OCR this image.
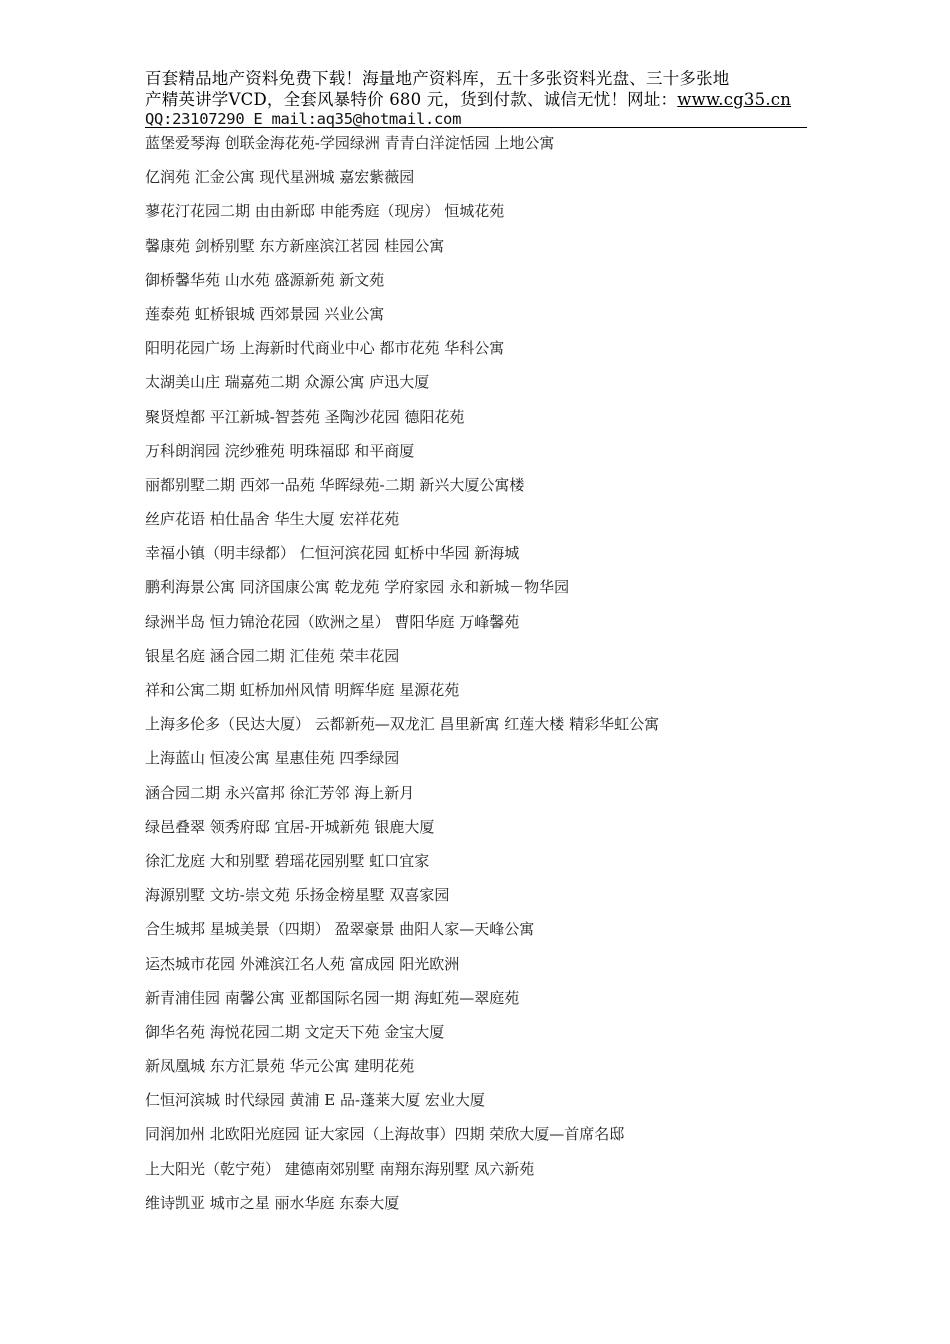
百套精品地产资料免费下载！海量地产资料库，五十多张资料光盘、三十多张地
产精英讲学VCD，全套风暴特价 680 元，货到付款、诚信无忧！网址：www.cg35.cn
QQ:23107290 E_mail:aq35@hotmail.com
蓝堡爱琴海 创联金海花苑-学园绿洲 青青白洋淀恬园 上地公寓
亿润苑 汇金公寓 现代星洲城 嘉宏紫薇园
蓼花汀花园二期 由由新邸 申能秀庭（现房） 恒城花苑
馨康苑 剑桥别墅 东方新座滨江茗园 桂园公寓
御桥馨华苑 山水苑 盛源新苑 新文苑
莲泰苑 虹桥银城 西郊景园 兴业公寓
阳明花园广场 上海新时代商业中心 都市花苑 华科公寓
太湖美山庄 瑞嘉苑二期 众源公寓 庐迅大厦
聚贤煌都 平江新城-智荟苑 圣陶沙花园 德阳花苑
万科朗润园 浣纱雅苑 明珠福邸 和平商厦
丽都别墅二期 西郊一品苑 华晖绿苑-二期 新兴大厦公寓楼
丝庐花语 柏仕晶舍 华生大厦 宏祥花苑
幸福小镇（明丰绿都） 仁恒河滨花园 虹桥中华园 新海城
鹏利海景公寓 同济国康公寓 乾龙苑 学府家园 永和新城－物华园
绿洲半岛 恒力锦沧花园（欧洲之星） 曹阳华庭 万峰馨苑
银星名庭 涵合园二期 汇佳苑 荣丰花园
祥和公寓二期 虹桥加州风情 明辉华庭 星源花苑
上海多伦多（民达大厦） 云都新苑—双龙汇 昌里新寓 红莲大楼 精彩华虹公寓
上海蓝山 恒凌公寓 星惠佳苑 四季绿园
涵合园二期 永兴富邦 徐汇芳邻 海上新月
绿邑叠翠 领秀府邸 宜居-开城新苑 银鹿大厦
徐汇龙庭 大和别墅 碧瑶花园别墅 虹口宜家
海源别墅 文坊-崇文苑 乐扬金榜星墅 双喜家园
合生城邦 星城美景（四期） 盈翠豪景 曲阳人家—天峰公寓
运杰城市花园 外滩滨江名人苑 富成园 阳光欧洲
新青浦佳园 南馨公寓 亚都国际名园一期 海虹苑—翠庭苑
御华名苑 海悦花园二期 文定天下苑 金宝大厦
新凤凰城 东方汇景苑 华元公寓 建明花苑
仁恒河滨城 时代绿园 黄浦 E 品-蓬莱大厦 宏业大厦
同润加州 北欧阳光庭园 证大家园（上海故事）四期 荣欣大厦—首席名邸
上大阳光（乾宁苑） 建德南郊别墅 南翔东海别墅 凤六新苑
维诗凯亚 城市之星 丽水华庭 东泰大厦
